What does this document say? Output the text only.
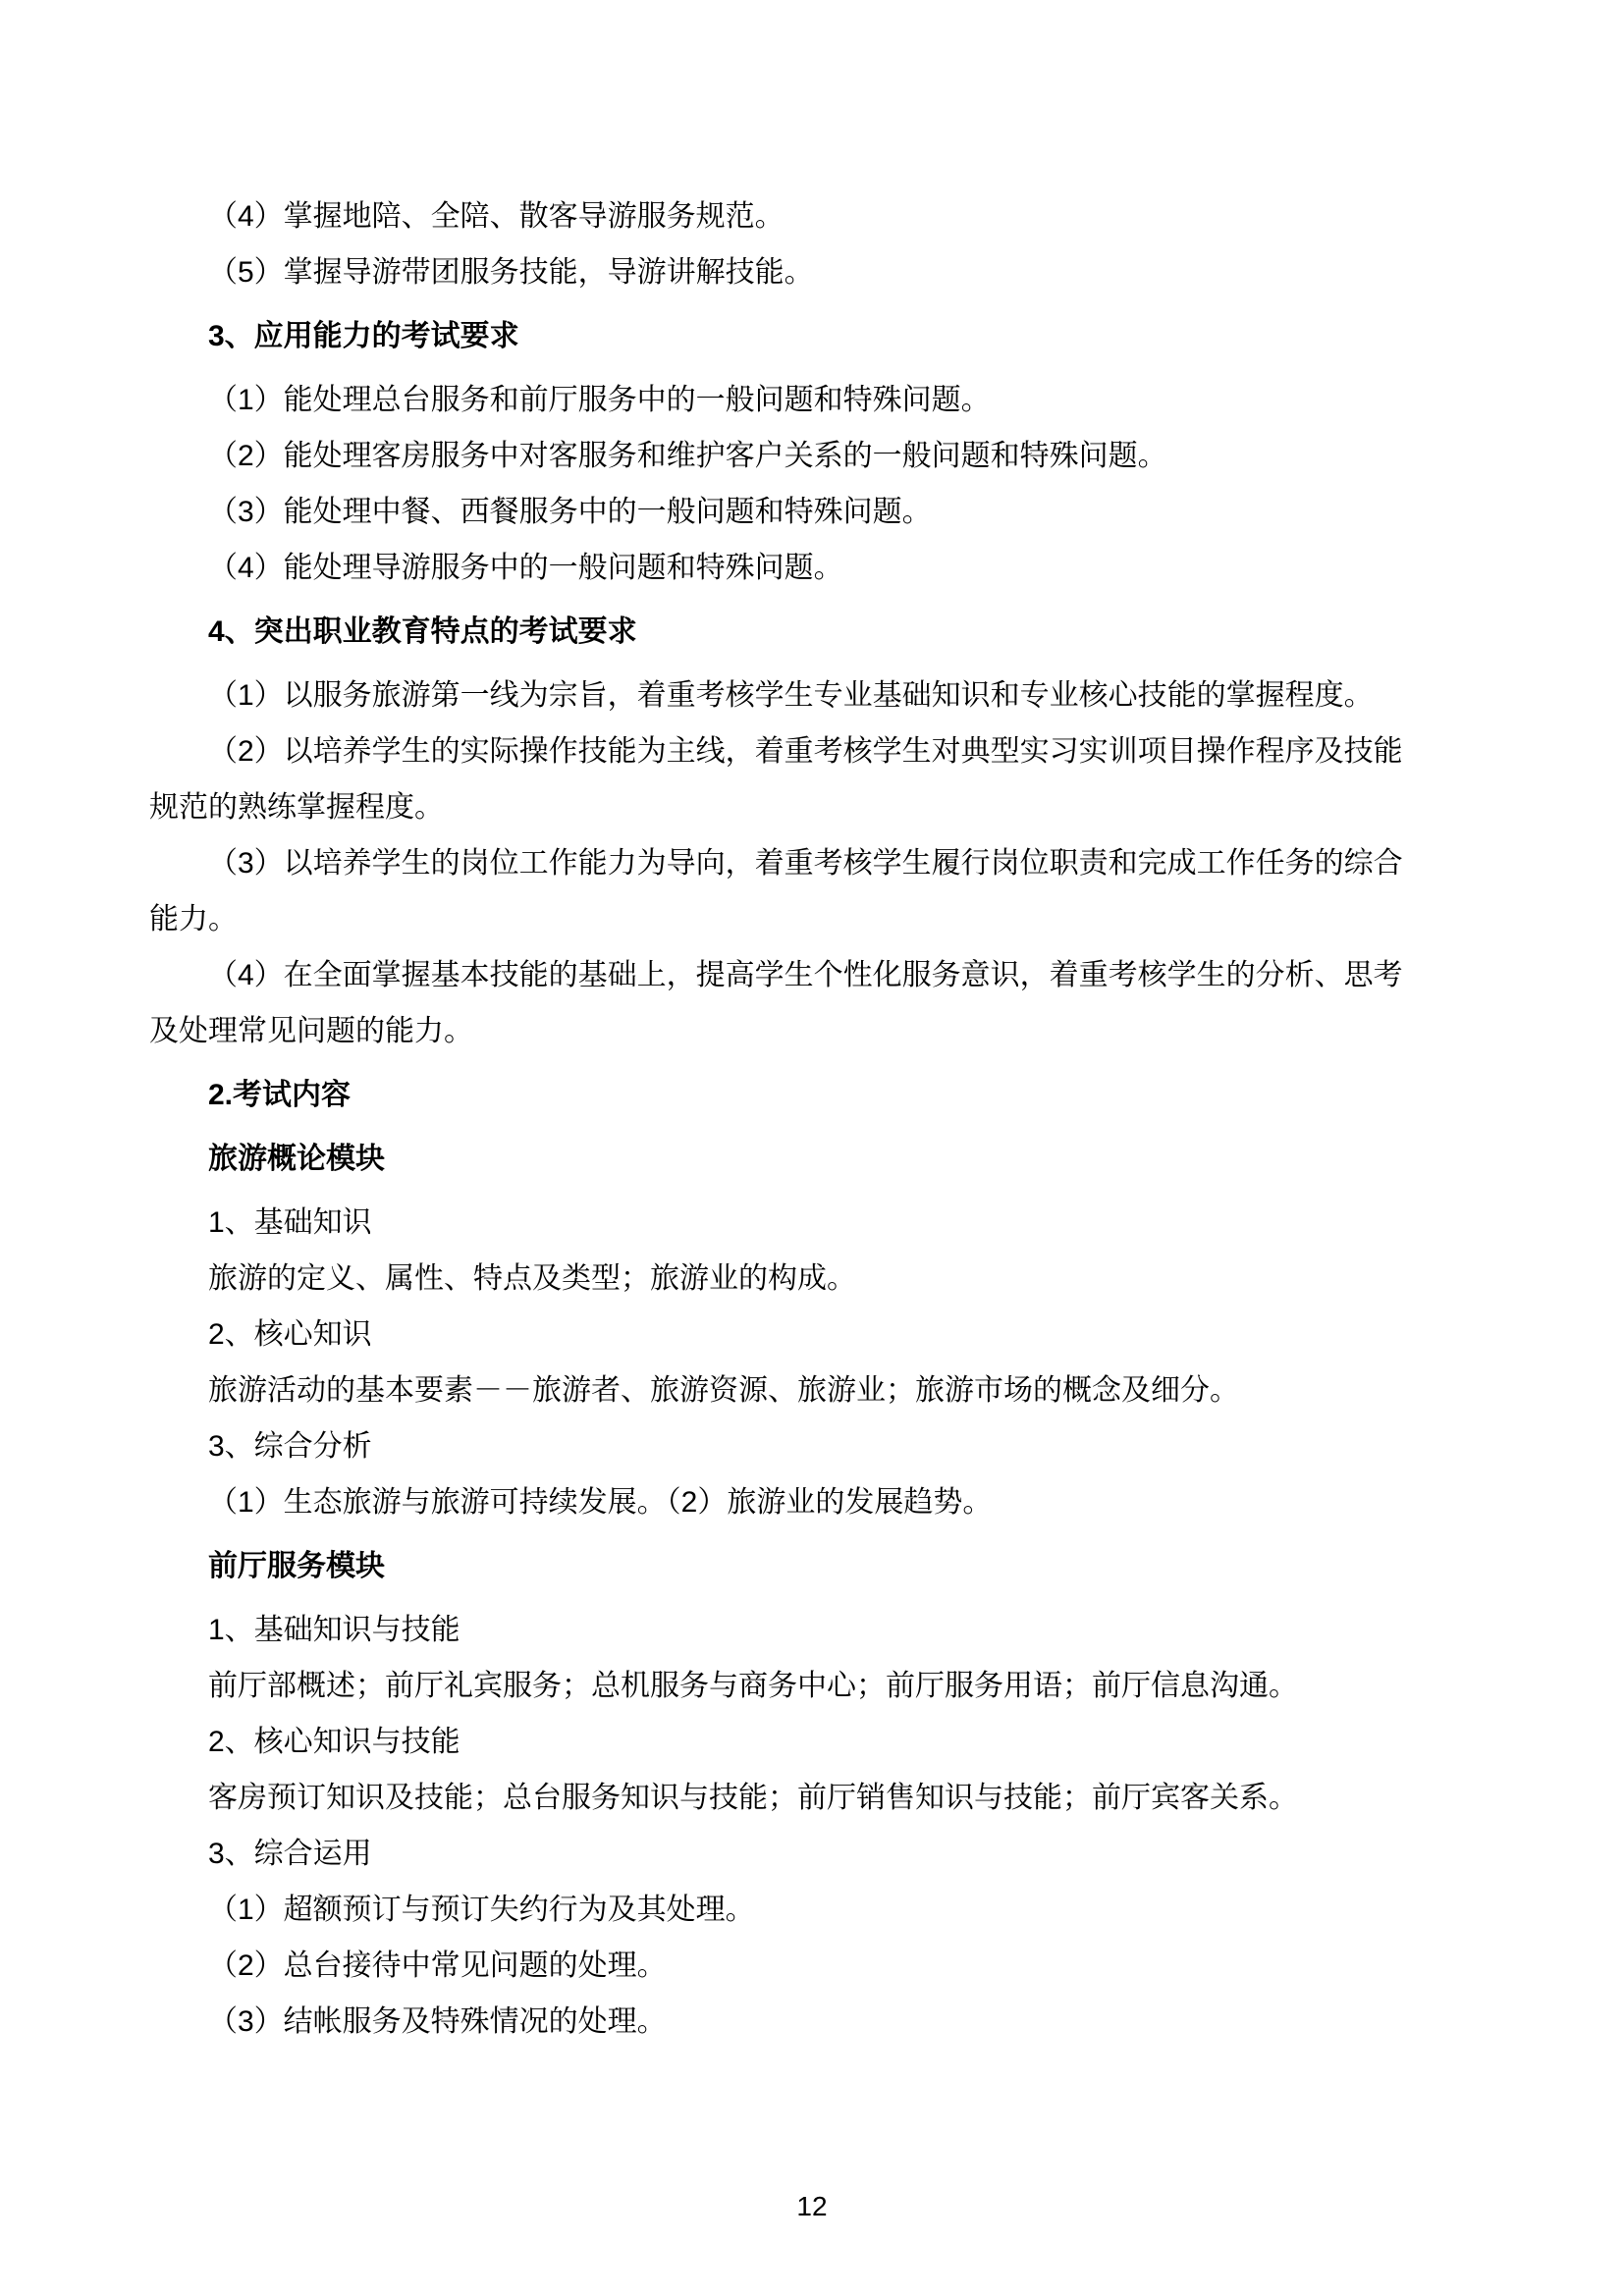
（4）掌握地陪、全陪、散客导游服务规范。
（5）掌握导游带团服务技能，导游讲解技能。
3、应用能力的考试要求
（1）能处理总台服务和前厅服务中的一般问题和特殊问题。
（2）能处理客房服务中对客服务和维护客户关系的一般问题和特殊问题。
（3）能处理中餐、西餐服务中的一般问题和特殊问题。
（4）能处理导游服务中的一般问题和特殊问题。
4、突出职业教育特点的考试要求
（1）以服务旅游第一线为宗旨，着重考核学生专业基础知识和专业核心技能的掌握程度。
（2）以培养学生的实际操作技能为主线，着重考核学生对典型实习实训项目操作程序及技能
规范的熟练掌握程度。
（3）以培养学生的岗位工作能力为导向，着重考核学生履行岗位职责和完成工作任务的综合
能力。
（4）在全面掌握基本技能的基础上，提高学生个性化服务意识，着重考核学生的分析、思考
及处理常见问题的能力。
2.考试内容
旅游概论模块
1、基础知识
旅游的定义、属性、特点及类型；旅游业的构成。
2、核心知识
旅游活动的基本要素－－旅游者、旅游资源、旅游业；旅游市场的概念及细分。
3、综合分析
（1）生态旅游与旅游可持续发展。（2）旅游业的发展趋势。
前厅服务模块
1、基础知识与技能
前厅部概述；前厅礼宾服务；总机服务与商务中心；前厅服务用语；前厅信息沟通。
2、核心知识与技能
客房预订知识及技能；总台服务知识与技能；前厅销售知识与技能；前厅宾客关系。
3、综合运用
（1）超额预订与预订失约行为及其处理。
（2）总台接待中常见问题的处理。
（3）结帐服务及特殊情况的处理。
12
